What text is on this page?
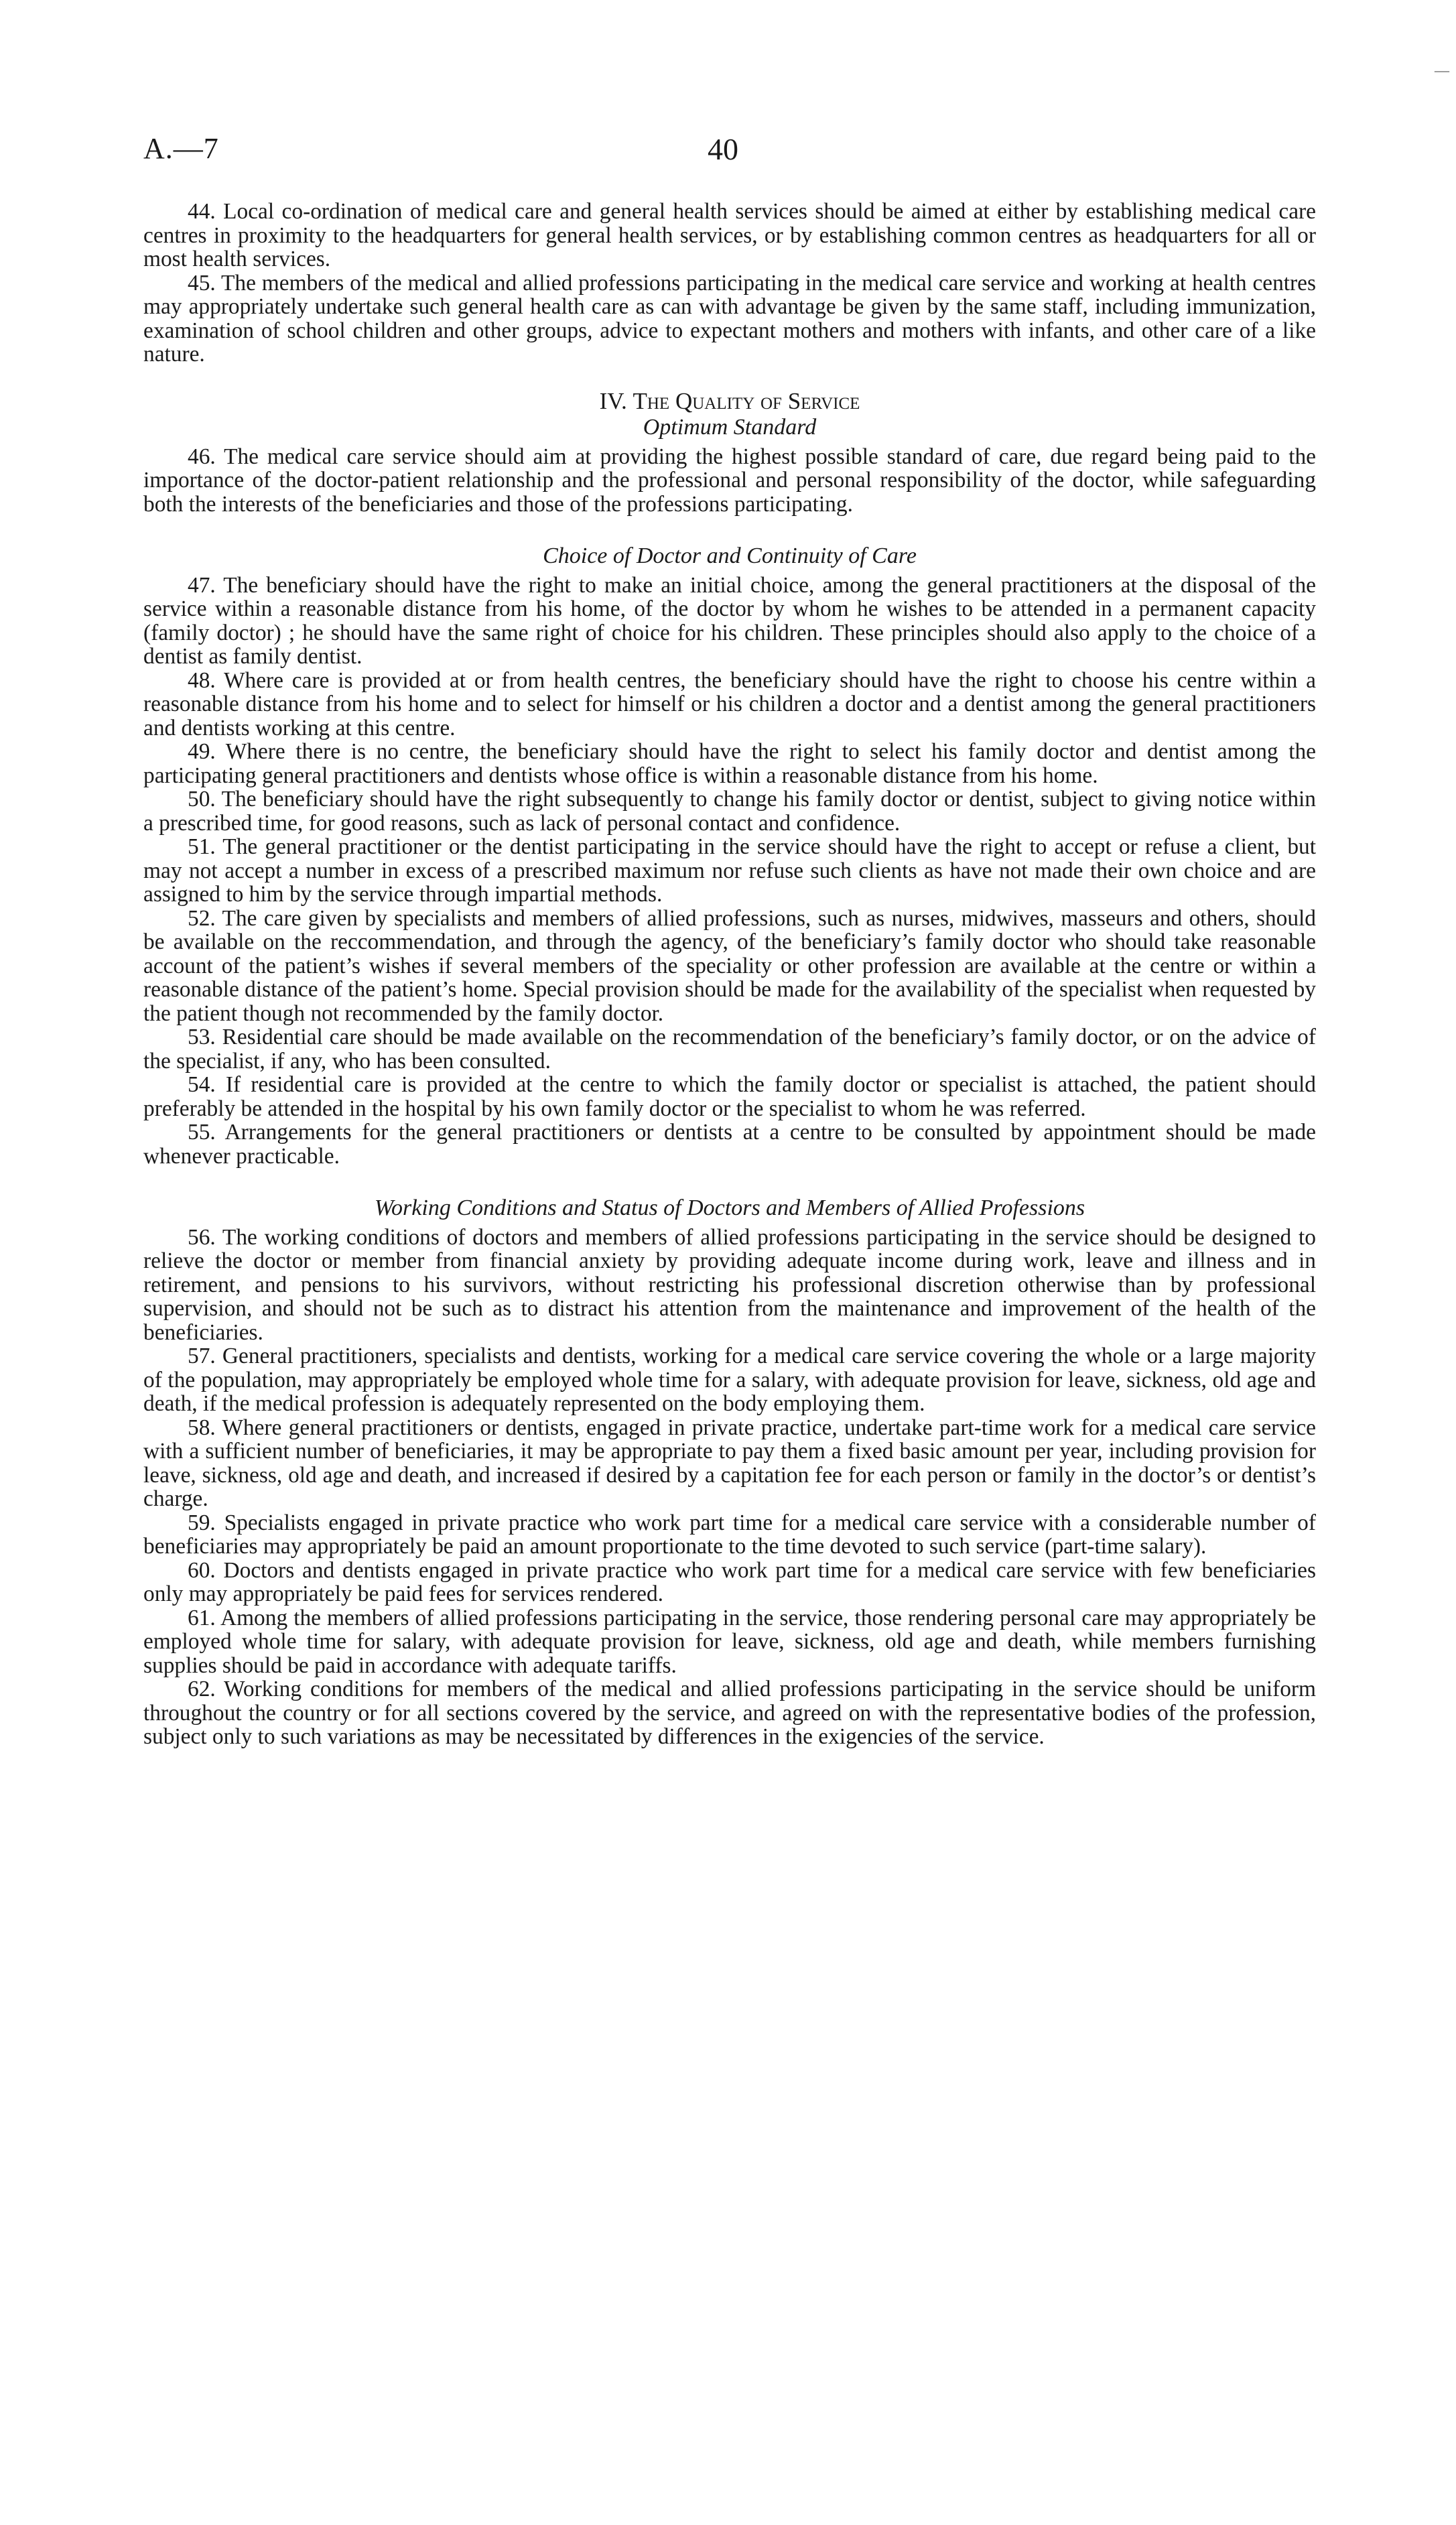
—
A.—7	40

44. Local co-ordination of medical care and general health services should be aimed at either by establishing medical care centres in proximity to the headquarters for general health services, or by establishing common centres as headquarters for all or most health services.

45. The members of the medical and allied professions participating in the medical care service and working at health centres may appropriately undertake such general health care as can with advantage be given by the same staff, including immunization, examination of school children and other groups, advice to expectant mothers and mothers with infants, and other care of a like nature.

IV. The Quality of Service
Optimum Standard

46. The medical care service should aim at providing the highest possible standard of care, due regard being paid to the importance of the doctor-patient relationship and the professional and personal responsibility of the doctor, while safeguarding both the interests of the beneficiaries and those of the professions participating.

Choice of Doctor and Continuity of Care

47. The beneficiary should have the right to make an initial choice, among the general practitioners at the disposal of the service within a reasonable distance from his home, of the doctor by whom he wishes to be attended in a permanent capacity (family doctor) ; he should have the same right of choice for his children. These principles should also apply to the choice of a dentist as family dentist.

48. Where care is provided at or from health centres, the beneficiary should have the right to choose his centre within a reasonable distance from his home and to select for himself or his children a doctor and a dentist among the general practitioners and dentists working at this centre.

49. Where there is no centre, the beneficiary should have the right to select his family doctor and dentist among the participating general practitioners and dentists whose office is within a reasonable distance from his home.

50. The beneficiary should have the right subsequently to change his family doctor or dentist, subject to giving notice within a prescribed time, for good reasons, such as lack of personal contact and confidence.

51. The general practitioner or the dentist participating in the service should have the right to accept or refuse a client, but may not accept a number in excess of a prescribed maximum nor refuse such clients as have not made their own choice and are assigned to him by the service through impartial methods.

52. The care given by specialists and members of allied professions, such as nurses, midwives, masseurs and others, should be available on the reccommendation, and through the agency, of the beneficiary’s family doctor who should take reasonable account of the patient’s wishes if several members of the speciality or other profession are available at the centre or within a reasonable distance of the patient’s home. Special provision should be made for the availability of the specialist when requested by the patient though not recommended by the family doctor.

53. Residential care should be made available on the recommendation of the beneficiary’s family doctor, or on the advice of the specialist, if any, who has been consulted.

54. If residential care is provided at the centre to which the family doctor or specialist is attached, the patient should preferably be attended in the hospital by his own family doctor or the specialist to whom he was referred.

55. Arrangements for the general practitioners or dentists at a centre to be consulted by appointment should be made whenever practicable.

Working Conditions and Status of Doctors and Members of Allied Professions

56. The working conditions of doctors and members of allied professions participating in the service should be designed to relieve the doctor or member from financial anxiety by providing adequate income during work, leave and illness and in retirement, and pensions to his survivors, without restricting his professional discretion otherwise than by professional supervision, and should not be such as to distract his attention from the maintenance and improvement of the health of the beneficiaries.

57. General practitioners, specialists and dentists, working for a medical care service covering the whole or a large majority of the population, may appropriately be employed whole time for a salary, with adequate provision for leave, sickness, old age and death, if the medical profession is adequately represented on the body employing them.

58. Where general practitioners or dentists, engaged in private practice, undertake part-time work for a medical care service with a sufficient number of beneficiaries, it may be appropriate to pay them a fixed basic amount per year, including provision for leave, sickness, old age and death, and increased if desired by a capitation fee for each person or family in the doctor’s or dentist’s charge.

59. Specialists engaged in private practice who work part time for a medical care service with a considerable number of beneficiaries may appropriately be paid an amount proportionate to the time devoted to such service (part-time salary).

60. Doctors and dentists engaged in private practice who work part time for a medical care service with few beneficiaries only may appropriately be paid fees for services rendered.

61. Among the members of allied professions participating in the service, those rendering personal care may appropriately be employed whole time for salary, with adequate provision for leave, sickness, old age and death, while members furnishing supplies should be paid in accordance with adequate tariffs.

62. Working conditions for members of the medical and allied professions participating in the service should be uniform throughout the country or for all sections covered by the service, and agreed on with the representative bodies of the profession, subject only to such variations as may be necessitated by differences in the exigencies of the service.
